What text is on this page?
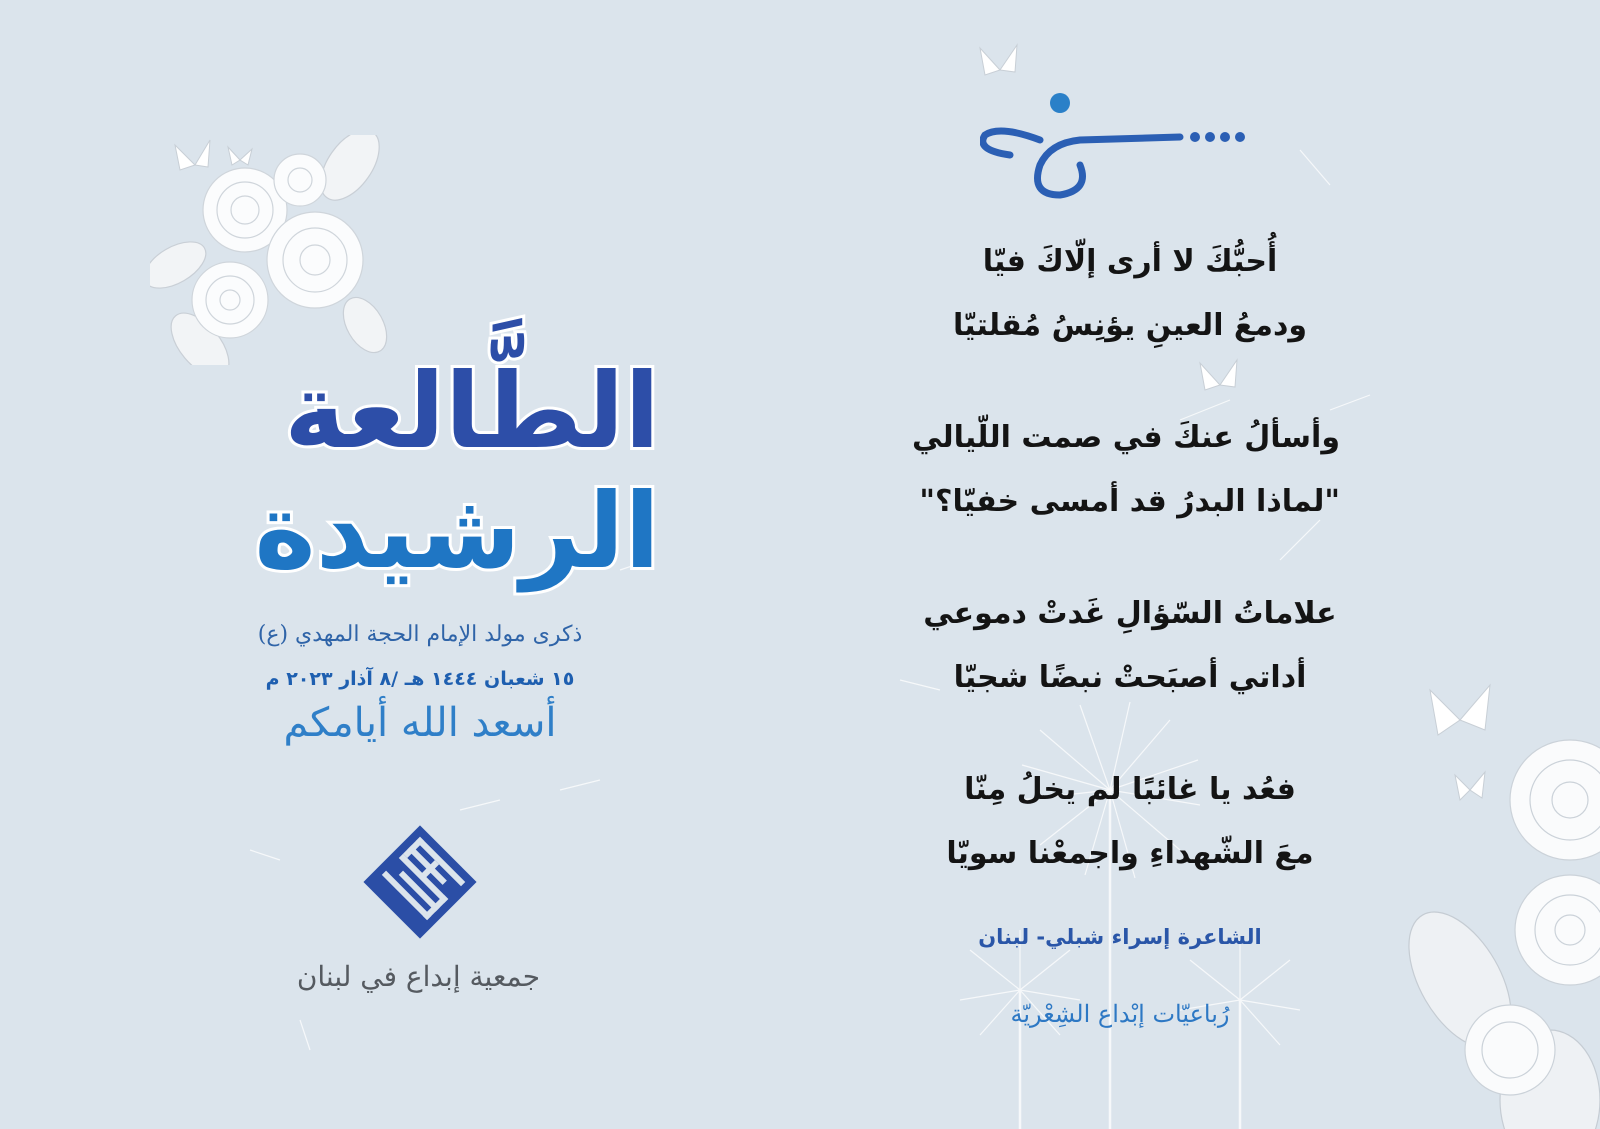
الطَّالعة
الرشيدة
ذكرى مولد الإمام الحجة المهدي (ع)
١٥ شعبان ١٤٤٤ هـ /٨ آذار ٢٠٢٣ م
أسعد الله أيامكم
جمعية إبداع في لبنان
أُحبُّكَ لا أرى إلّاكَ فيّا
ودمعُ العينِ يؤنِسُ مُقلتيّا
وأسألُ عنكَ في صمت اللّيالي
"لماذا البدرُ قد أمسى خفيّا؟"
علاماتُ السّؤالِ غَدتْ دموعي
أداتي أصبَحتْ نبضًا شجيّا
فعُد يا غائبًا لم يخلُ مِنّا
معَ الشّهداءِ واجمعْنا سويّا
الشاعرة إسراء شبلي- لبنان
رُباعيّات إبْداع الشِعْريّة
